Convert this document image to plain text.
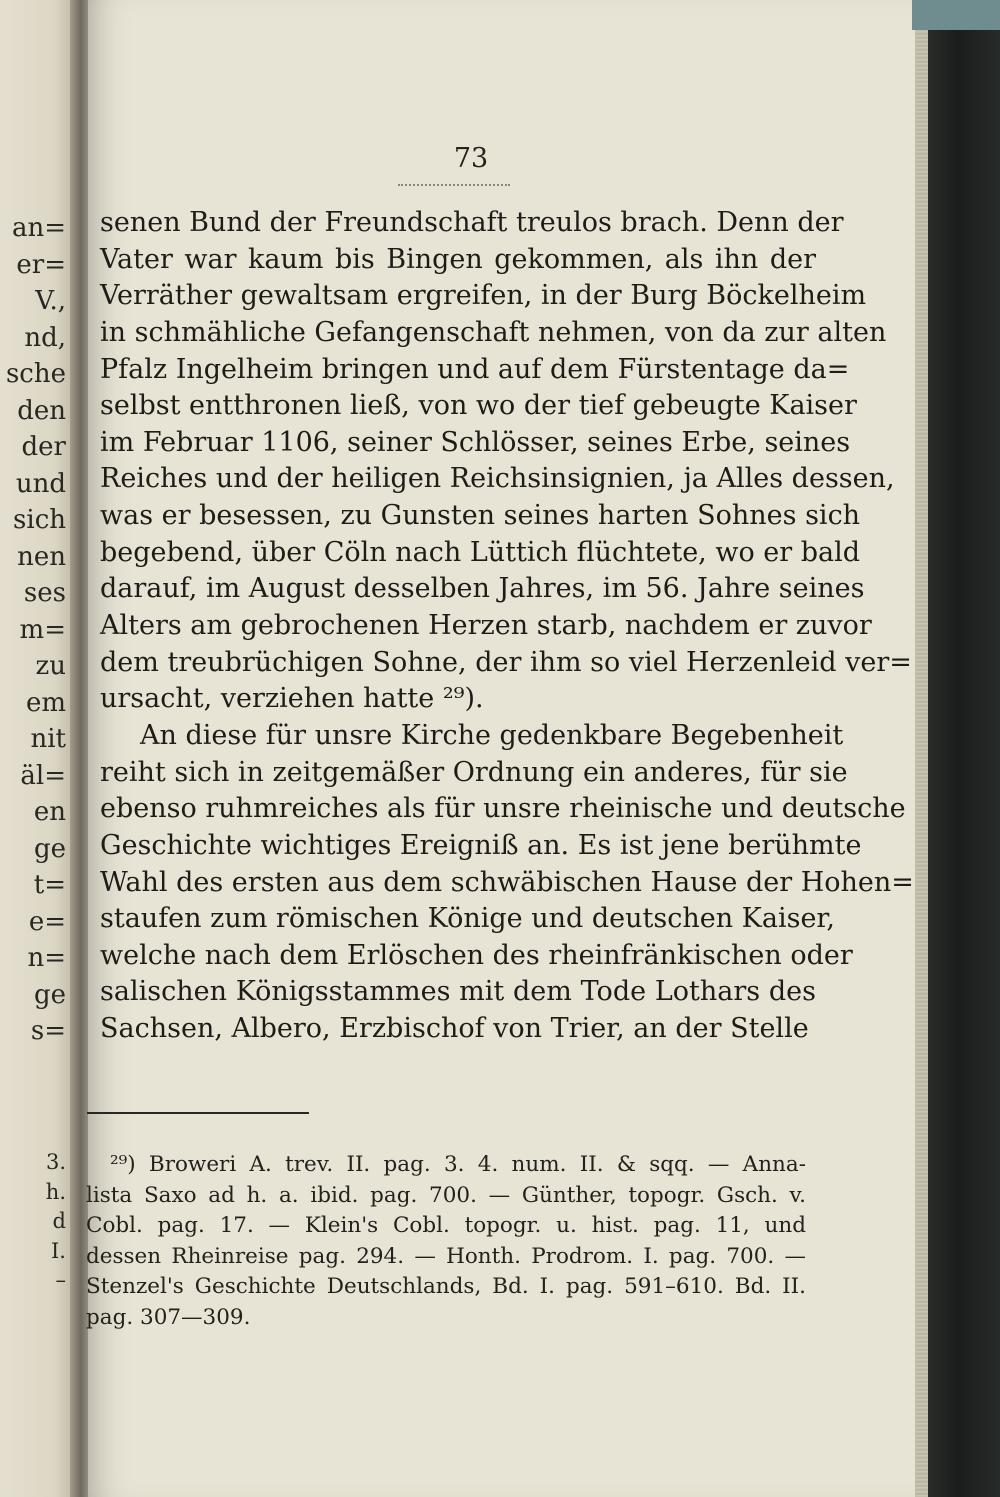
an=
er=
V.,
nd,
sche
den
der
und
sich
nen
ses
m=
zu
em
nit
äl=
en
ge
t=
e=
n=
ge
s=
3.
h.
d
I.
–
73
senen Bund der Freundschaft treulos brach. Denn der
Vater war kaum bis Bingen gekommen, als ihn der
Verräther gewaltsam ergreifen, in der Burg Böckelheim
in schmähliche Gefangenschaft nehmen, von da zur alten
Pfalz Ingelheim bringen und auf dem Fürstentage da=
selbst entthronen ließ, von wo der tief gebeugte Kaiser
im Februar 1106, seiner Schlösser, seines Erbe, seines
Reiches und der heiligen Reichsinsignien, ja Alles dessen,
was er besessen, zu Gunsten seines harten Sohnes sich
begebend, über Cöln nach Lüttich flüchtete, wo er bald
darauf, im August desselben Jahres, im 56. Jahre seines
Alters am gebrochenen Herzen starb, nachdem er zuvor
dem treubrüchigen Sohne, der ihm so viel Herzenleid ver=
ursacht, verziehen hatte ²⁹).
An diese für unsre Kirche gedenkbare Begebenheit
reiht sich in zeitgemäßer Ordnung ein anderes, für sie
ebenso ruhmreiches als für unsre rheinische und deutsche
Geschichte wichtiges Ereigniß an. Es ist jene berühmte
Wahl des ersten aus dem schwäbischen Hause der Hohen=
staufen zum römischen Könige und deutschen Kaiser,
welche nach dem Erlöschen des rheinfränkischen oder
salischen Königsstammes mit dem Tode Lothars des
Sachsen, Albero, Erzbischof von Trier, an der Stelle
²⁹) Broweri A. trev. II. pag. 3. 4. num. II. & sqq. — Anna-
lista Saxo ad h. a. ibid. pag. 700. — Günther, topogr. Gsch. v.
Cobl. pag. 17. — Klein's Cobl. topogr. u. hist. pag. 11, und
dessen Rheinreise pag. 294. — Honth. Prodrom. I. pag. 700. —
Stenzel's Geschichte Deutschlands, Bd. I. pag. 591–610. Bd. II.
pag. 307—309.
